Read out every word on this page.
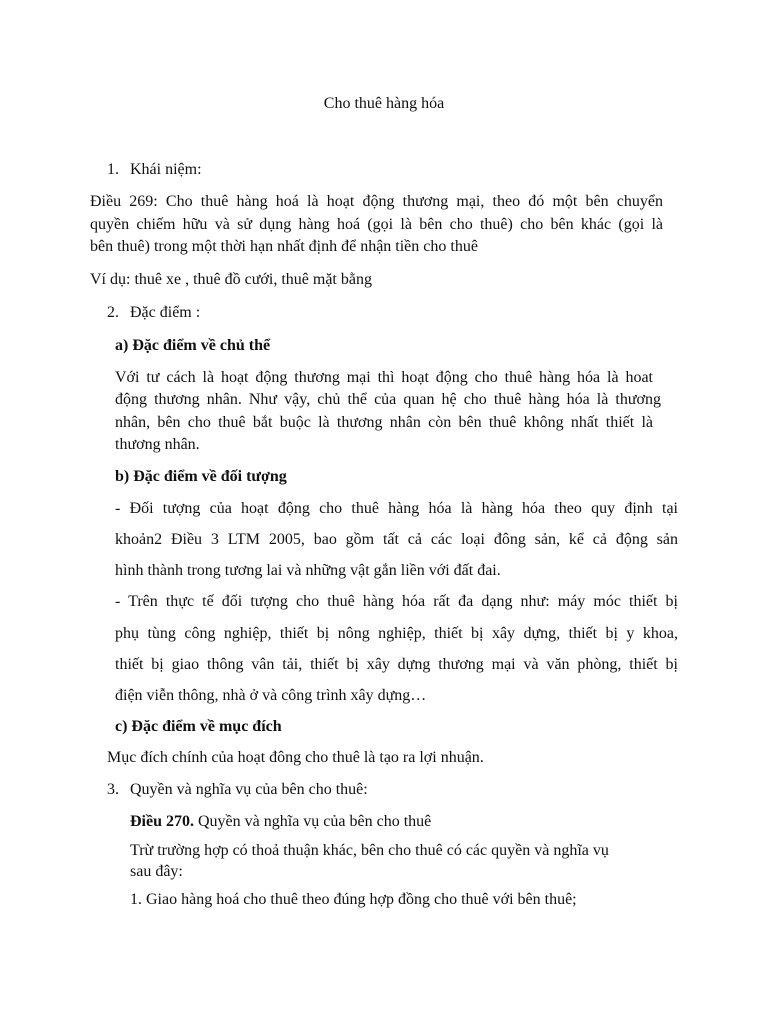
Cho thuê hàng hóa
1. Khái niệm:
Điều 269: Cho thuê hàng hoá là hoạt động thương mại, theo đó một bên chuyển
quyền chiếm hữu và sử dụng hàng hoá (gọi là bên cho thuê) cho bên khác (gọi là
bên thuê) trong một thời hạn nhất định để nhận tiền cho thuê
Ví dụ: thuê xe , thuê đồ cưới, thuê mặt bằng
2. Đặc điểm :
a) Đặc điểm về chủ thể
Với tư cách là hoạt động thương mại thì hoạt động cho thuê hàng hóa là hoat
động thương nhân. Như vậy, chủ thể của quan hệ cho thuê hàng hóa là thương
nhân, bên cho thuê bắt buộc là thương nhân còn bên thuê không nhất thiết là
thương nhân.
b) Đặc điểm về đối tượng
- Đối tượng của hoạt động cho thuê hàng hóa là hàng hóa theo quy định tại
khoản2 Điều 3 LTM 2005, bao gồm tất cả các loại đông sản, kể cả động sản
hình thành trong tương lai và những vật gắn liền với đất đai.
- Trên thực tế đối tượng cho thuê hàng hóa rất đa dạng như: máy móc thiết bị
phụ tùng công nghiệp, thiết bị nông nghiệp, thiết bị xây dựng, thiết bị y khoa,
thiết bị giao thông vân tải, thiết bị xây dựng thương mại và văn phòng, thiết bị
điện viễn thông, nhà ở và công trình xây dựng…
c) Đặc điểm về mục đích
Mục đích chính của hoạt đông cho thuê là tạo ra lợi nhuận.
3. Quyền và nghĩa vụ của bên cho thuê:
Điều 270. Quyền và nghĩa vụ của bên cho thuê
Trừ trường hợp có thoả thuận khác, bên cho thuê có các quyền và nghĩa vụ
sau đây:
1. Giao hàng hoá cho thuê theo đúng hợp đồng cho thuê với bên thuê;
